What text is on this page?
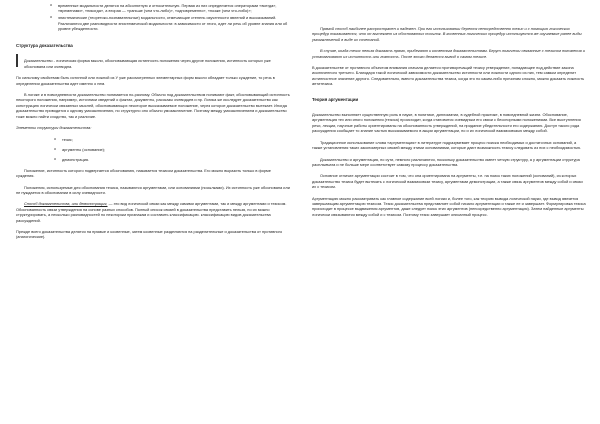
o временные модальности делятся на абсолютную и относительную. Первая из них определяется операторами «всегда», «временами», «никогда», а вторая — «раньше (чем что-либо)», «одновременно», «позже (чем что-либо)»;
o эпистемические (теоретико-познавательные) модальности, отмечающие степень изученности явлений и высказываний. Различаются две разновидности эпистемической модальности: в зависимости от этого, идет ли речь об уровне знания или об уровне убежденности.
Структура доказательства

Доказательство - логическая форма мысли, обосновывающая истинность положения через другие положения, истинность которых уже обоснована или очевидна.

По сильному свойствам быть истинной или ложной из У уже рассмотренных элементарных форм мысли обладает только суждение, то речь в определении доказательства идет именно о нем.

В логике и в повседневности доказательство понимается по-разному. Обычно под доказательством понимают факт, обосновывающий истинность некоторого положения, например, источники сведений о фактах, документы, рассказы очевидцев и пр. Логика же исследует доказательство как конструкцию логически связанных мыслей, обосновывающих некоторое высказываемое положение, через которое доказательство вытекает. Иногда доказательство приводится к одному умозаключению, но структурно оно обычно умозаключение. Поэтому между умозаключением и доказательство тоже можно найти сходство, так и различие.

Элементы структуры доказательства:

o тезис;
o аргументы (основание);
o демонстрация.

Положение, истинность которого подвергается обоснованию, называется тезисом доказательства. Его можно выразить только в форме суждения.

Положения, используемые для обоснования тезиса, называются аргументами, или основаниями (посылками). Их истинность уже обоснована или не нуждается в обосновании в силу очевидности.

Способ доказательства, или демонстрация, — это вид логической связи как между самими аргументами, так и между аргументами и тезисом. Обоснованность связи утверждения на основе разных способов. Полный список связей в доказательства представить нельзя, но их можно структурировать, а несколько разновидностей по некоторым признакам и составить классификацию. классификацию видов доказательства рассуждений.

Прежде всего доказательства делятся на прямые и косвенные, затем косвенные разделяются на разделительные и доказательства от противного (апагогические).

Прямой способ наиболее распространен и надежен. При его использовании берется непосредственно тезис и с помощью логических процедур показывается, что он вытекает из обоснованных посылок. В косвенных логических процедур используются же изучаемые ранее виды умозаключений в виде их сочетаний.

В случае, когда тезис нельзя доказать прямо, прибегают к косвенным доказательствам. Берут логически связанные с тезисом положения и устанавливают их истинность или ложность. После этого делается вывод о самом тезисе.

В доказательстве от противного объектом внимания сначала делается противоречащий тезису утверждение, попадающее под действие закона исключенного третьего. Благодаря такой логической зависимости доказательство истинности или ложности одного из них, тем самым определит истинностное значение другого. Следовательно, вместо доказательства тезиса, когда это по каким-либо причинам сложно, можно доказать ложность антитезиса.

Теория аргументации

Доказательство выполняет существенную роль в науке, в политике, дипломатии, в судебной практике, в повседневной жизни. Обоснование, аргументация тех или иного положения (тезиса) происходит, когда становится очевидным его связи с бесспорными положениями. Все выступления речи, лекции, научные работы ориентированы на обоснованность утверждений, на придание убедительности его содержанию. Доступ такого рода рассуждения сообщает то знание частью высказываемого в акции аргументации, но и их логической взаимосвязью между собой.

Традиционное использование слова «аргументация» в литературе подразумевает процесс поиска необходимых и достаточных оснований, а также установления таких закономерных связей между этими основаниями, которые дают возможность тезису следовать из них с необходимостью.

Доказательство и аргументация, по сути, немного различаются, поскольку доказательство имеет четкую структуру, а у аргументации структура расплывчата и не больше мере соответствует самому процессу доказательства.

Основное отличие аргументации состоит в том, что она ориентирована на аргументы, т.е. на поиск таких положений (оснований), из которых доказательство тезиса будет вытекать с логической взаимосвязи тезису, аргументами демонстрации, а также связь аргументов между собой и связи их с тезисом.

Аргументацию можно рассматривать как главное содержание всей логики и, более того, как теорию вывода логической науки, где вывод является завершающим аргументацию тезисом. Тезис доказательства представляет собой начало аргументации и также ее и завершает. Формулировка тезиса происходит в процессе выдвижения аргументов, даже следует поиск этих аргументов (непосредственно аргументация). Затем найденные аргументы логически связываются между собой и с тезисом. Поэтому тезис завершает описанный процесс.
